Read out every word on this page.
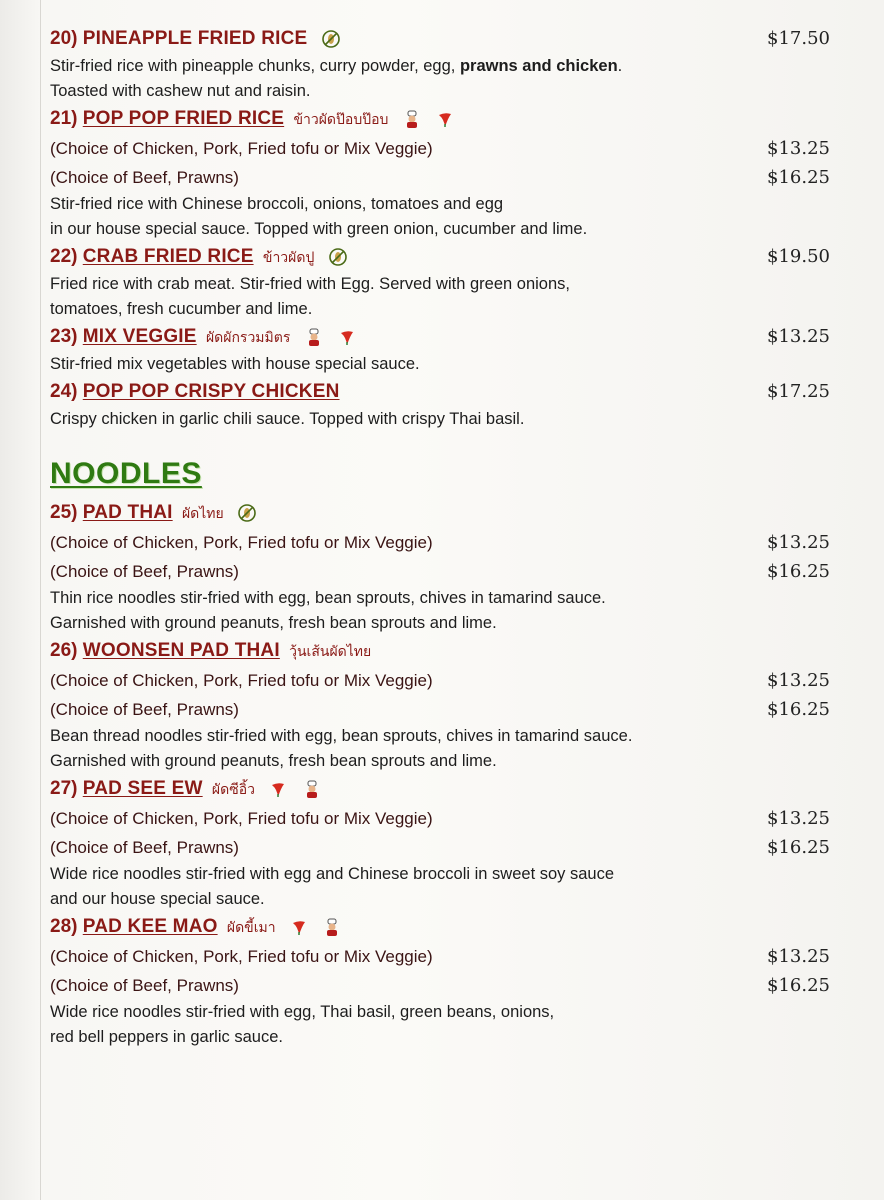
20) PINEAPPLE FRIED RICE	$17.50
Stir-fried rice with pineapple chunks, curry powder, egg, prawns and chicken.
Toasted with cashew nut and raisin.
21) POP POP FRIED RICE ข้าวผัดป๊อบป๊อบ
(Choice of Chicken, Pork, Fried tofu or Mix Veggie)	$13.25
(Choice of Beef, Prawns)	$16.25
Stir-fried rice with Chinese broccoli, onions, tomatoes and egg
in our house special sauce. Topped with green onion, cucumber and lime.
22) CRAB FRIED RICE ข้าวผัดปู	$19.50
Fried rice with crab meat. Stir-fried with Egg. Served with green onions,
tomatoes, fresh cucumber and lime.
23) MIX VEGGIE ผัดผักรวมมิตร	$13.25
Stir-fried mix vegetables with house special sauce.
24) POP POP CRISPY CHICKEN	$17.25
Crispy chicken in garlic chili sauce. Topped with crispy Thai basil.
NOODLES
25) PAD THAI ผัดไทย
(Choice of Chicken, Pork, Fried tofu or Mix Veggie)	$13.25
(Choice of Beef, Prawns)	$16.25
Thin rice noodles stir-fried with egg, bean sprouts, chives in tamarind sauce.
Garnished with ground peanuts, fresh bean sprouts and lime.
26) WOONSEN PAD THAI วุ้นเส้นผัดไทย
(Choice of Chicken, Pork, Fried tofu or Mix Veggie)	$13.25
(Choice of Beef, Prawns)	$16.25
Bean thread noodles stir-fried with egg, bean sprouts, chives in tamarind sauce.
Garnished with ground peanuts, fresh bean sprouts and lime.
27) PAD SEE EW ผัดซีอิ้ว
(Choice of Chicken, Pork, Fried tofu or Mix Veggie)	$13.25
(Choice of Beef, Prawns)	$16.25
Wide rice noodles stir-fried with egg and Chinese broccoli in sweet soy sauce
and our house special sauce.
28) PAD KEE MAO ผัดขี้เมา
(Choice of Chicken, Pork, Fried tofu or Mix Veggie)	$13.25
(Choice of Beef, Prawns)	$16.25
Wide rice noodles stir-fried with egg, Thai basil, green beans, onions,
red bell peppers in garlic sauce.
